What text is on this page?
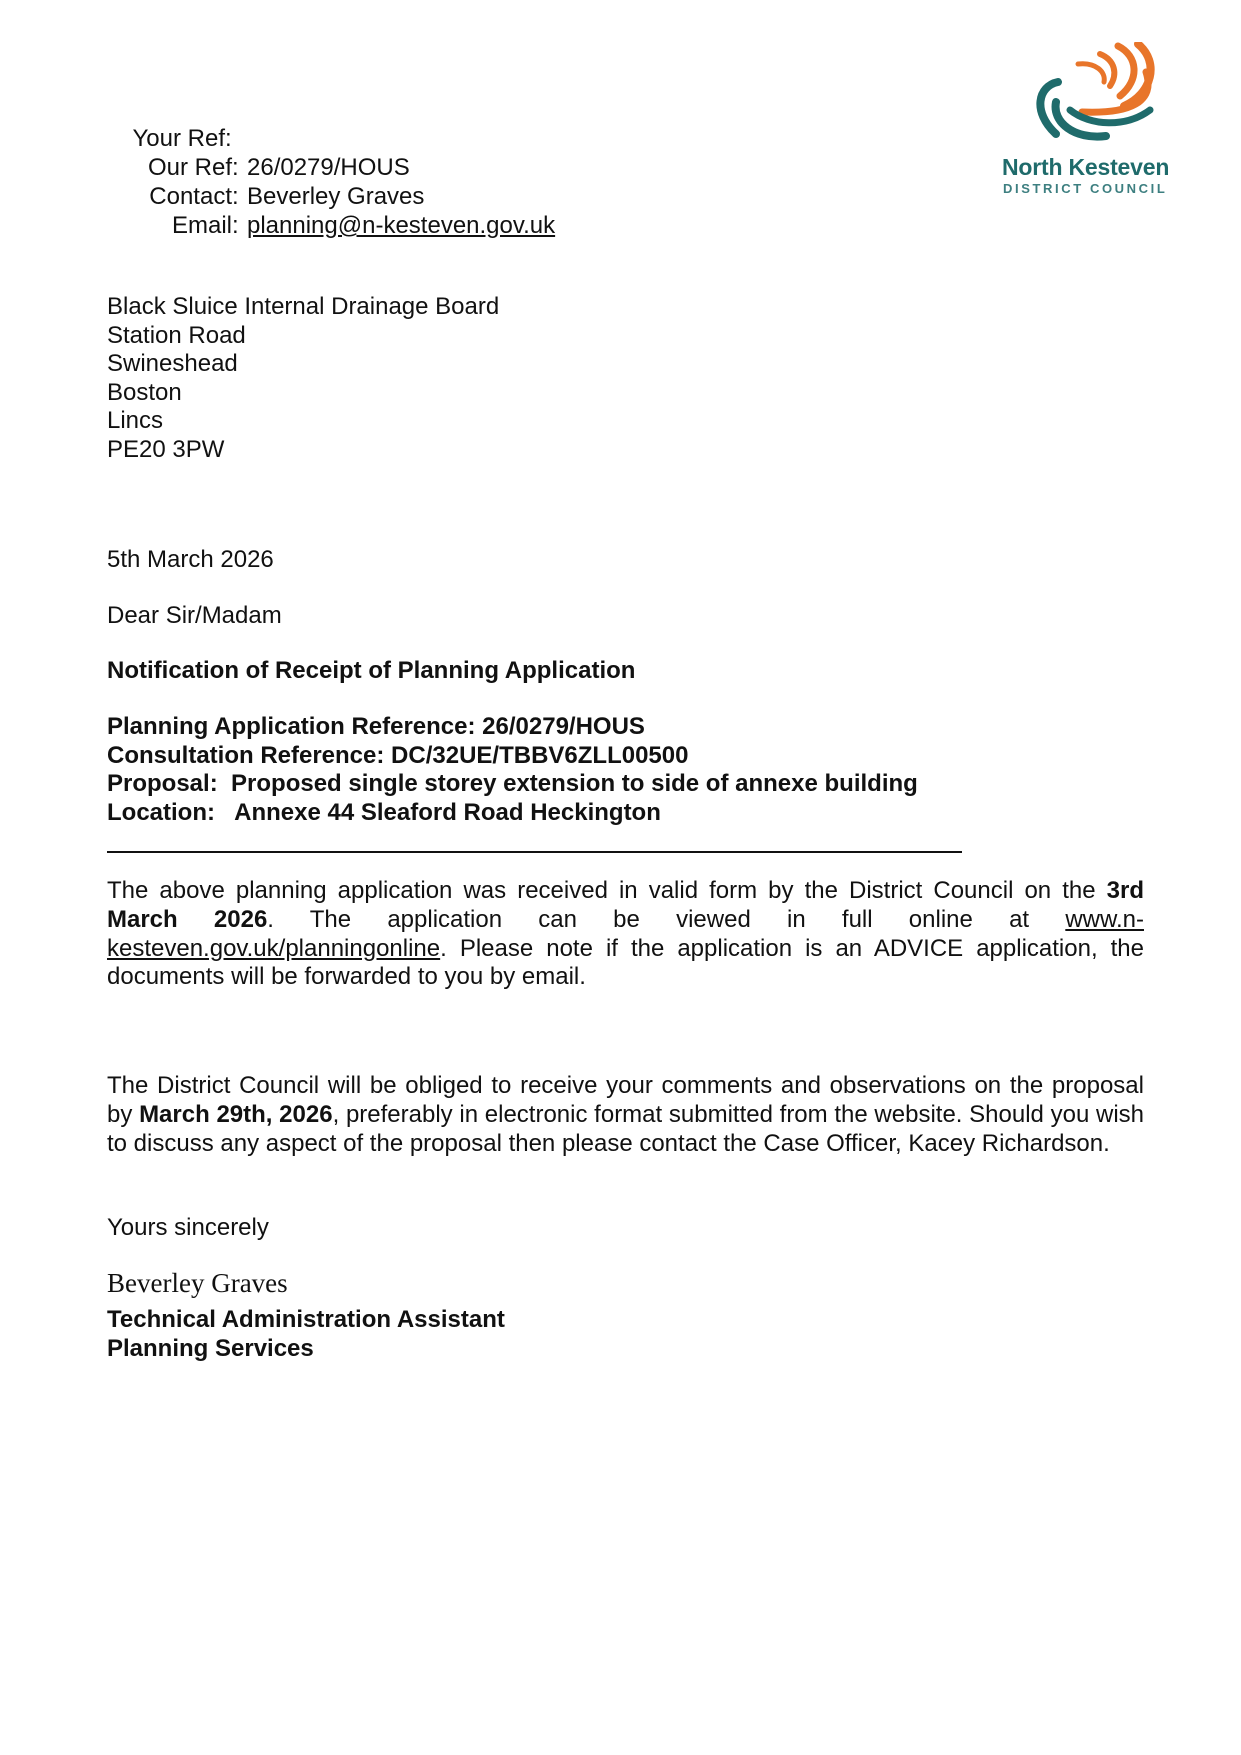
Your Ref :
Our Ref : 26/0279/HOUS
Contact : Beverley Graves
Email : planning@n-kesteven.gov.uk
North Kesteven
DISTRICT COUNCIL
Black Sluice Internal Drainage Board
Station Road
Swineshead
Boston
Lincs
PE20 3PW
5th March 2026
Dear Sir/Madam
Notification of Receipt of Planning Application
Planning Application Reference: 26/0279/HOUS
Consultation Reference: DC/32UE/TBBV6ZLL00500
Proposal:  Proposed single storey extension to side of annexe building
Location:   Annexe 44 Sleaford Road Heckington
The above planning application was received in valid form by the District Council on the 3rd March 2026. The application can be viewed in full online at www.n-kesteven.gov.uk/planningonline. Please note if the application is an ADVICE application, the documents will be forwarded to you by email.
The District Council will be obliged to receive your comments and observations on the proposal by March 29th, 2026, preferably in electronic format submitted from the website. Should you wish to discuss any aspect of the proposal then please contact the Case Officer, Kacey Richardson.
Yours sincerely
Beverley Graves
Technical Administration Assistant
Planning Services
